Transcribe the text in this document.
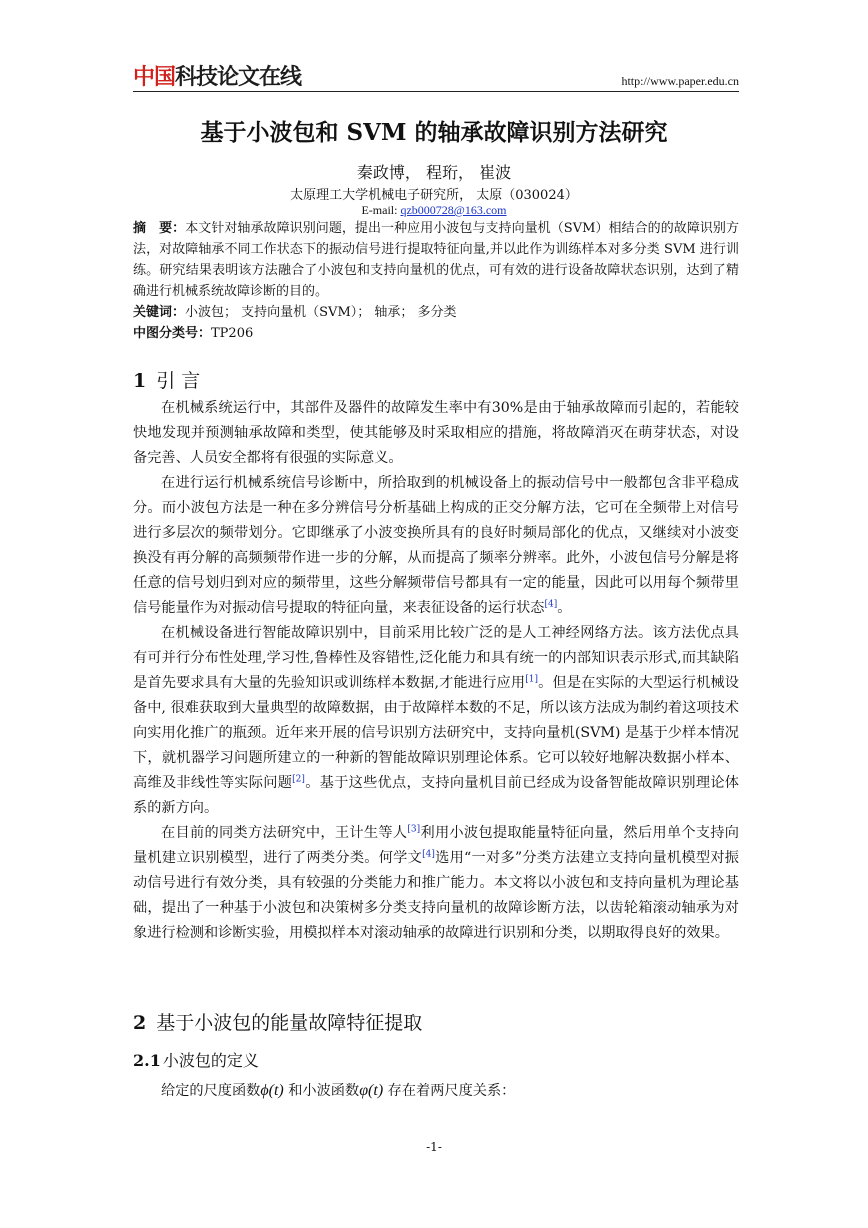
中国科技论文在线	http://www.paper.edu.cn
基于小波包和 SVM 的轴承故障识别方法研究
秦政博， 程珩， 崔波
太原理工大学机械电子研究所， 太原（030024）
E-mail: qzb000728@163.com
摘　要：本文针对轴承故障识别问题，提出一种应用小波包与支持向量机（SVM）相结合的的故障识别方法，对故障轴承不同工作状态下的振动信号进行提取特征向量,并以此作为训练样本对多分类 SVM 进行训练。研究结果表明该方法融合了小波包和支持向量机的优点，可有效的进行设备故障状态识别，达到了精确进行机械系统故障诊断的目的。
关键词：小波包； 支持向量机（SVM）； 轴承； 多分类
中图分类号：TP206
1 引 言

在机械系统运行中，其部件及器件的故障发生率中有30%是由于轴承故障而引起的，若能较快地发现并预测轴承故障和类型，使其能够及时采取相应的措施，将故障消灭在萌芽状态，对设备完善、人员安全都将有很强的实际意义。

在进行运行机械系统信号诊断中，所拾取到的机械设备上的振动信号中一般都包含非平稳成分。而小波包方法是一种在多分辨信号分析基础上构成的正交分解方法，它可在全频带上对信号进行多层次的频带划分。它即继承了小波变换所具有的良好时频局部化的优点，又继续对小波变换没有再分解的高频频带作进一步的分解，从而提高了频率分辨率。此外，小波包信号分解是将任意的信号划归到对应的频带里，这些分解频带信号都具有一定的能量，因此可以用每个频带里信号能量作为对振动信号提取的特征向量，来表征设备的运行状态[4]。

在机械设备进行智能故障识别中，目前采用比较广泛的是人工神经网络方法。该方法优点具有可并行分布性处理,学习性,鲁棒性及容错性,泛化能力和具有统一的内部知识表示形式,而其缺陷是首先要求具有大量的先验知识或训练样本数据,才能进行应用[1]。但是在实际的大型运行机械设备中, 很难获取到大量典型的故障数据，由于故障样本数的不足，所以该方法成为制约着这项技术向实用化推广的瓶颈。近年来开展的信号识别方法研究中，支持向量机(SVM) 是基于少样本情况下，就机器学习问题所建立的一种新的智能故障识别理论体系。它可以较好地解决数据小样本、高维及非线性等实际问题[2]。基于这些优点，支持向量机目前已经成为设备智能故障识别理论体系的新方向。

在目前的同类方法研究中，王计生等人[3]利用小波包提取能量特征向量，然后用单个支持向量机建立识别模型，进行了两类分类。何学文[4]选用“一对多”分类方法建立支持向量机模型对振动信号进行有效分类，具有较强的分类能力和推广能力。本文将以小波包和支持向量机为理论基础，提出了一种基于小波包和决策树多分类支持向量机的故障诊断方法，以齿轮箱滚动轴承为对象进行检测和诊断实验，用模拟样本对滚动轴承的故障进行识别和分类，以期取得良好的效果。

2 基于小波包的能量故障特征提取
2.1 小波包的定义

给定的尺度函数ϕ(t) 和小波函数φ(t) 存在着两尺度关系：

-1-
